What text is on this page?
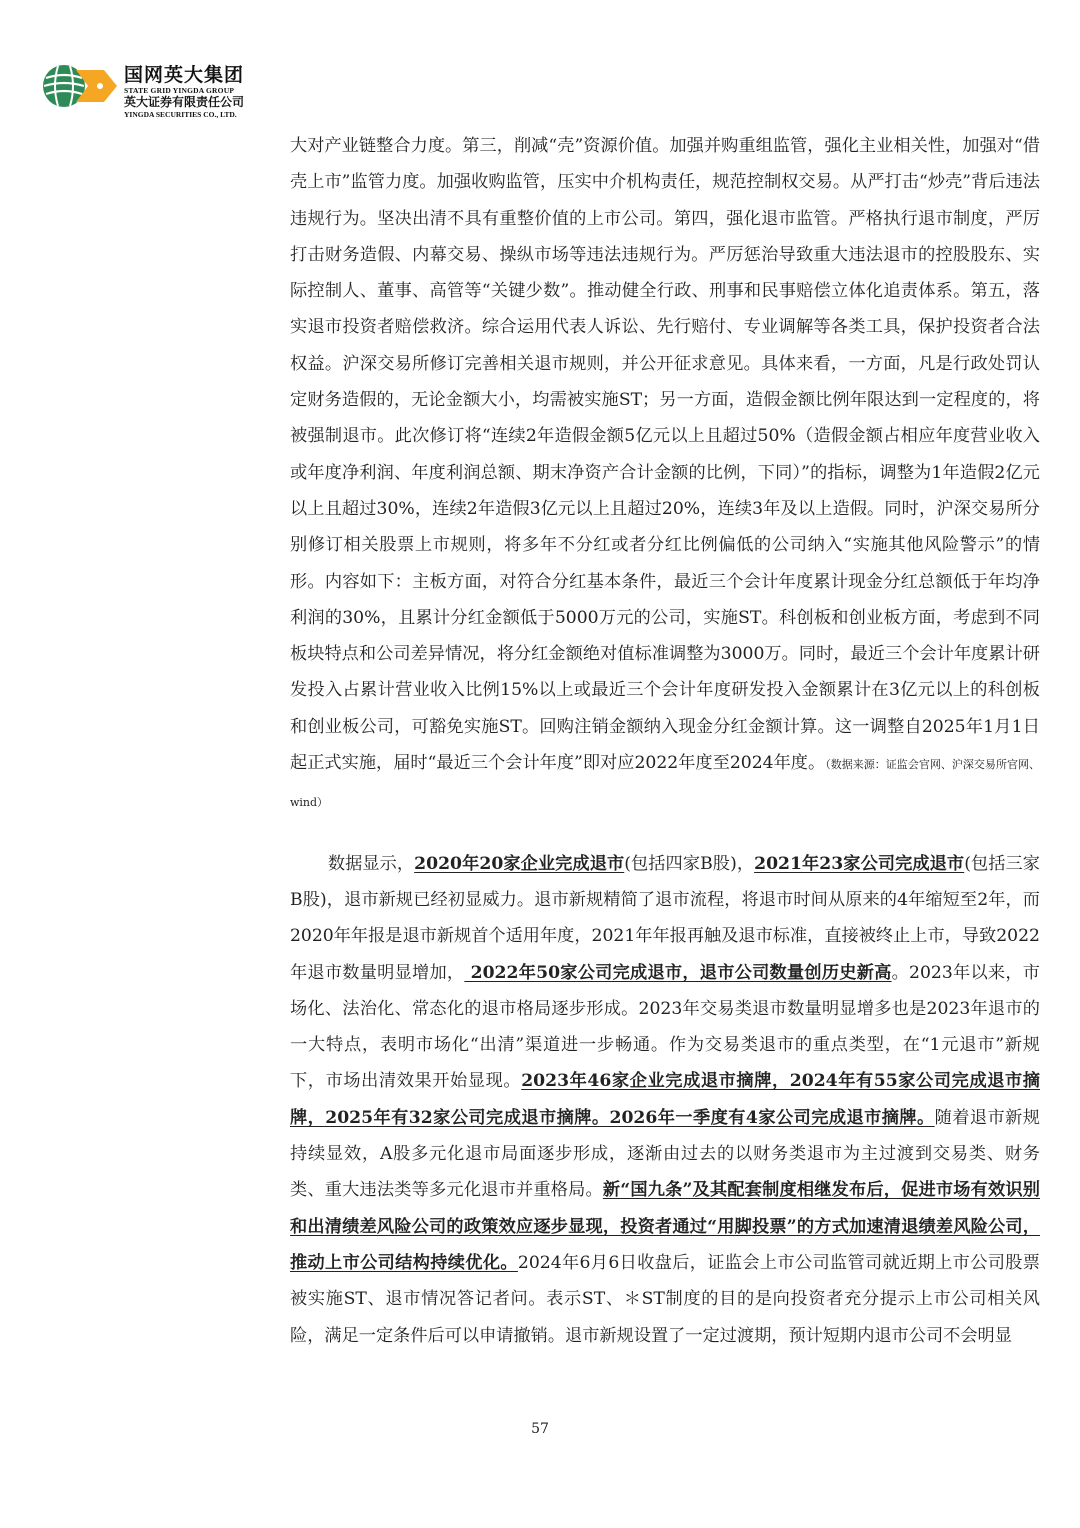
国网英大集团
STATE GRID YINGDA GROUP
英大证券有限责任公司
YINGDA SECURITIES CO., LTD.

大对产业链整合力度。第三，削减“壳”资源价值。加强并购重组监管，强化主业相关性，加强对“借壳上市”监管力度。加强收购监管，压实中介机构责任，规范控制权交易。从严打击“炒壳”背后违法违规行为。坚决出清不具有重整价值的上市公司。第四，强化退市监管。严格执行退市制度，严厉打击财务造假、内幕交易、操纵市场等违法违规行为。严厉惩治导致重大违法退市的控股股东、实际控制人、董事、高管等“关键少数”。推动健全行政、刑事和民事赔偿立体化追责体系。第五，落实退市投资者赔偿救济。综合运用代表人诉讼、先行赔付、专业调解等各类工具，保护投资者合法权益。沪深交易所修订完善相关退市规则，并公开征求意见。具体来看，一方面，凡是行政处罚认定财务造假的，无论金额大小，均需被实施ST；另一方面，造假金额比例年限达到一定程度的，将被强制退市。此次修订将“连续2年造假金额5亿元以上且超过50%（造假金额占相应年度营业收入或年度净利润、年度利润总额、期末净资产合计金额的比例，下同）”的指标，调整为1年造假2亿元以上且超过30%，连续2年造假3亿元以上且超过20%，连续3年及以上造假。同时，沪深交易所分别修订相关股票上市规则，将多年不分红或者分红比例偏低的公司纳入“实施其他风险警示”的情形。内容如下：主板方面，对符合分红基本条件，最近三个会计年度累计现金分红总额低于年均净利润的30%，且累计分红金额低于5000万元的公司，实施ST。科创板和创业板方面，考虑到不同板块特点和公司差异情况，将分红金额绝对值标准调整为3000万。同时，最近三个会计年度累计研发投入占累计营业收入比例15%以上或最近三个会计年度研发投入金额累计在3亿元以上的科创板和创业板公司，可豁免实施ST。回购注销金额纳入现金分红金额计算。这一调整自2025年1月1日起正式实施，届时“最近三个会计年度”即对应2022年度至2024年度。（数据来源：证监会官网、沪深交易所官网、wind）

数据显示，2020年20家企业完成退市(包括四家B股)，2021年23家公司完成退市(包括三家B股)，退市新规已经初显威力。退市新规精简了退市流程，将退市时间从原来的4年缩短至2年，而2020年年报是退市新规首个适用年度，2021年年报再触及退市标准，直接被终止上市，导致2022年退市数量明显增加， 2022年50家公司完成退市，退市公司数量创历史新高。2023年以来，市场化、法治化、常态化的退市格局逐步形成。2023年交易类退市数量明显增多也是2023年退市的一大特点，表明市场化“出清”渠道进一步畅通。作为交易类退市的重点类型，在“1元退市”新规下，市场出清效果开始显现。2023年46家企业完成退市摘牌，2024年有55家公司完成退市摘牌，2025年有32家公司完成退市摘牌。2026年一季度有4家公司完成退市摘牌。随着退市新规持续显效，A股多元化退市局面逐步形成，逐渐由过去的以财务类退市为主过渡到交易类、财务类、重大违法类等多元化退市并重格局。新“国九条”及其配套制度相继发布后，促进市场有效识别和出清绩差风险公司的政策效应逐步显现，投资者通过“用脚投票”的方式加速清退绩差风险公司，推动上市公司结构持续优化。2024年6月6日收盘后，证监会上市公司监管司就近期上市公司股票被实施ST、退市情况答记者问。表示ST、＊ST制度的目的是向投资者充分提示上市公司相关风险，满足一定条件后可以申请撤销。退市新规设置了一定过渡期，预计短期内退市公司不会明显

57
